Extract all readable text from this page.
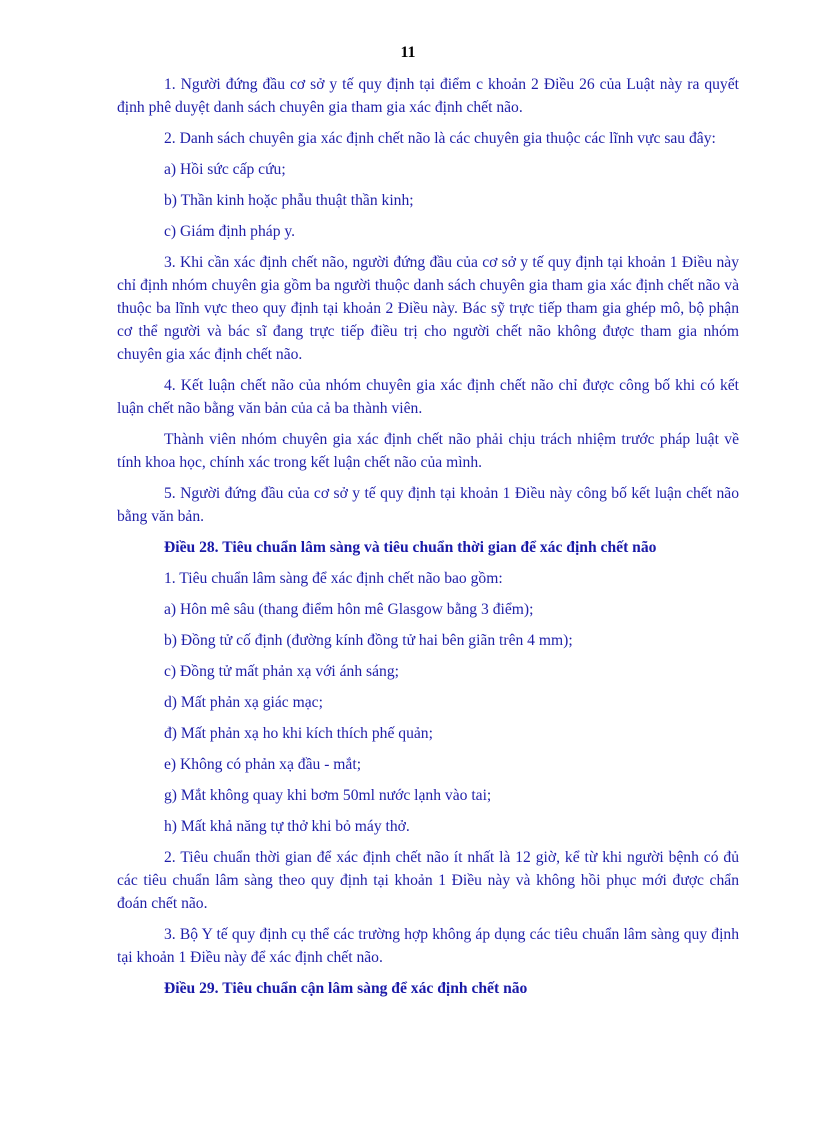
11

1. Người đứng đầu cơ sở y tế quy định tại điểm c khoản 2 Điều 26 của Luật này ra quyết định phê duyệt danh sách chuyên gia tham gia xác định chết não.

2. Danh sách chuyên gia xác định chết não là các chuyên gia thuộc các lĩnh vực sau đây:

a) Hồi sức cấp cứu;

b) Thần kinh hoặc phẫu thuật thần kinh;

c) Giám định pháp y.

3. Khi cần xác định chết não, người đứng đầu của cơ sở y tế quy định tại khoản 1 Điều này chỉ định nhóm chuyên gia gồm ba người thuộc danh sách chuyên gia tham gia xác định chết não và thuộc ba lĩnh vực theo quy định tại khoản 2 Điều này. Bác sỹ trực tiếp tham gia ghép mô, bộ phận cơ thể người và bác sĩ đang trực tiếp điều trị cho người chết não không được tham gia nhóm chuyên gia xác định chết não.

4. Kết luận chết não của nhóm chuyên gia xác định chết não chỉ được công bố khi có kết luận chết não bằng văn bản của cả ba thành viên.

Thành viên nhóm chuyên gia xác định chết não phải chịu trách nhiệm trước pháp luật về tính khoa học, chính xác trong kết luận chết não của mình.

5. Người đứng đầu của cơ sở y tế quy định tại khoản 1 Điều này công bố kết luận chết não bằng văn bản.

Điều 28. Tiêu chuẩn lâm sàng và tiêu chuẩn thời gian để xác định chết não

1. Tiêu chuẩn lâm sàng để xác định chết não bao gồm:

a) Hôn mê sâu (thang điểm hôn mê Glasgow bằng 3 điểm);

b) Đồng tử cố định (đường kính đồng tử hai bên giãn trên 4 mm);

c) Đồng tử mất phản xạ với ánh sáng;

d) Mất phản xạ giác mạc;

đ) Mất phản xạ ho khi kích thích phế quản;

e) Không có phản xạ đầu - mắt;

g) Mắt không quay khi bơm 50ml nước lạnh vào tai;

h) Mất khả năng tự thở khi bỏ máy thở.

2. Tiêu chuẩn thời gian để xác định chết não ít nhất là 12 giờ, kể từ khi người bệnh có đủ các tiêu chuẩn lâm sàng theo quy định tại khoản 1 Điều này và không hồi phục mới được chẩn đoán chết não.

3. Bộ Y tế quy định cụ thể các trường hợp không áp dụng các tiêu chuẩn lâm sàng quy định tại khoản 1 Điều này để xác định chết não.

Điều 29. Tiêu chuẩn cận lâm sàng để xác định chết não
